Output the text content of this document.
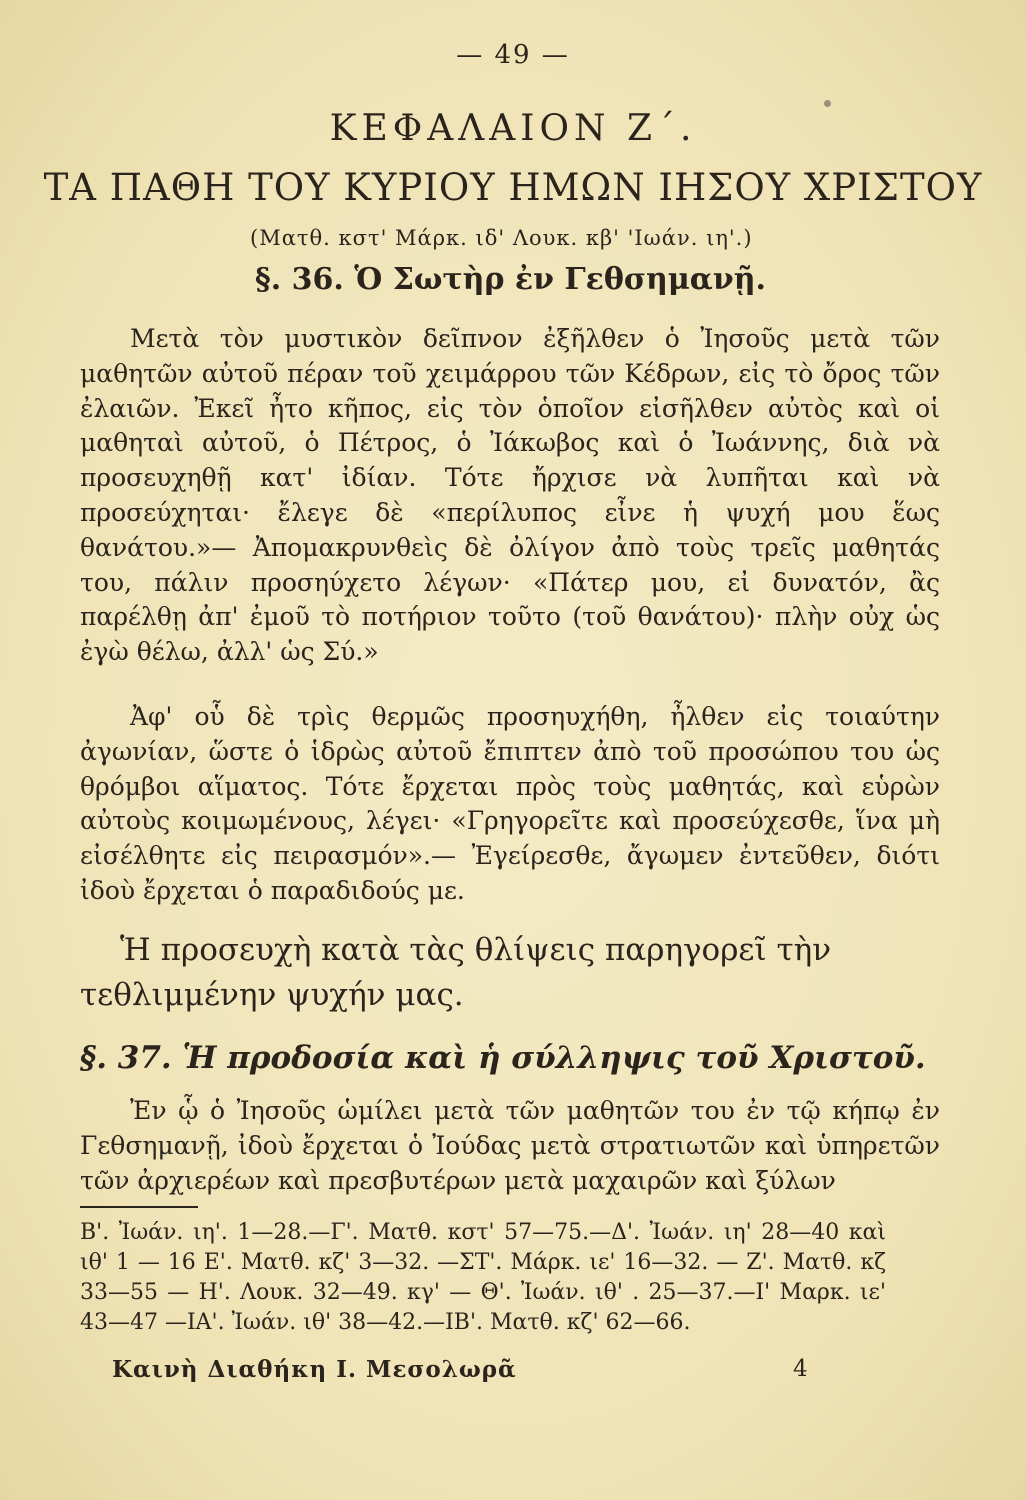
— 49 —
ΚΕΦΑΛΑΙΟΝ Ζ΄.
ΤΑ ΠΑΘΗ ΤΟΥ ΚΥΡΙΟΥ ΗΜΩΝ ΙΗΣΟΥ ΧΡΙΣΤΟΥ
(Ματθ. κστ' Μάρκ. ιδ' Λουκ. κβ' 'Ιωάν. ιη'.)
§. 36. Ὁ Σωτὴρ ἐν Γεθσημανῇ.

Μετὰ τὸν μυστικὸν δεῖπνον ἐξῆλθεν ὁ Ἰησοῦς μετὰ τῶν μαθητῶν αὐτοῦ πέραν τοῦ χειμάρρου τῶν Κέδρων, εἰς τὸ ὄρος τῶν ἐλαιῶν. Ἐκεῖ ἦτο κῆπος, εἰς τὸν ὁποῖον εἰσῆλθεν αὐτὸς καὶ οἱ μαθηταὶ αὐτοῦ, ὁ Πέτρος, ὁ Ἰάκωβος καὶ ὁ Ἰωάννης, διὰ νὰ προσευχηθῇ κατ' ἰδίαν. Τότε ἤρχισε νὰ λυπῆται καὶ νὰ προσεύχηται· ἔλεγε δὲ «περίλυπος εἶνε ἡ ψυχή μου ἕως θανάτου.»— Ἀπομακρυνθεὶς δὲ ὀλίγον ἀπὸ τοὺς τρεῖς μαθητάς του, πάλιν προσηύχετο λέγων· «Πάτερ μου, εἰ δυνατόν, ἂς παρέλθῃ ἀπ' ἐμοῦ τὸ ποτήριον τοῦτο (τοῦ θανάτου)· πλὴν οὐχ ὡς ἐγὼ θέλω, ἀλλ' ὡς Σύ.»

Ἀφ' οὗ δὲ τρὶς θερμῶς προσηυχήθη, ἦλθεν εἰς τοιαύτην ἀγωνίαν, ὥστε ὁ ἱδρὼς αὐτοῦ ἔπιπτεν ἀπὸ τοῦ προσώπου του ὡς θρόμβοι αἵματος. Τότε ἔρχεται πρὸς τοὺς μαθητάς, καὶ εὑρὼν αὐτοὺς κοιμωμένους, λέγει· «Γρηγορεῖτε καὶ προσεύχεσθε, ἵνα μὴ εἰσέλθητε εἰς πειρασμόν».— Ἐγείρεσθε, ἄγωμεν ἐντεῦθεν, διότι ἰδοὺ ἔρχεται ὁ παραδιδούς με.

Ἡ προσευχὴ κατὰ τὰς θλίψεις παρηγορεῖ τὴν τεθλιμμένην ψυχήν μας.

§. 37. Ἡ προδοσία καὶ ἡ σύλληψις τοῦ Χριστοῦ.

Ἐν ᾧ ὁ Ἰησοῦς ὡμίλει μετὰ τῶν μαθητῶν του ἐν τῷ κήπῳ ἐν Γεθσημανῇ, ἰδοὺ ἔρχεται ὁ Ἰούδας μετὰ στρατιωτῶν καὶ ὑπηρετῶν τῶν ἀρχιερέων καὶ πρεσβυτέρων μετὰ μαχαιρῶν καὶ ξύλων

Β'. Ἰωάν. ιη'. 1—28.—Γ'. Ματθ. κστ' 57—75.—Δ'. Ἰωάν. ιη' 28—40 καὶ ιθ' 1 — 16 Ε'. Ματθ. κζ' 3—32. —ΣΤ'. Μάρκ. ιε' 16—32. — Ζ'. Ματθ. κζ 33—55 — Η'. Λουκ. 32—49. κγ' — Θ'. Ἰωάν. ιθ' . 25—37.—Ι' Μαρκ. ιε' 43—47 —ΙΑ'. Ἰωάν. ιθ' 38—42.—ΙΒ'. Ματθ. κζ' 62—66.

Καινὴ Διαθήκη Ι. Μεσολωρᾶ	4
